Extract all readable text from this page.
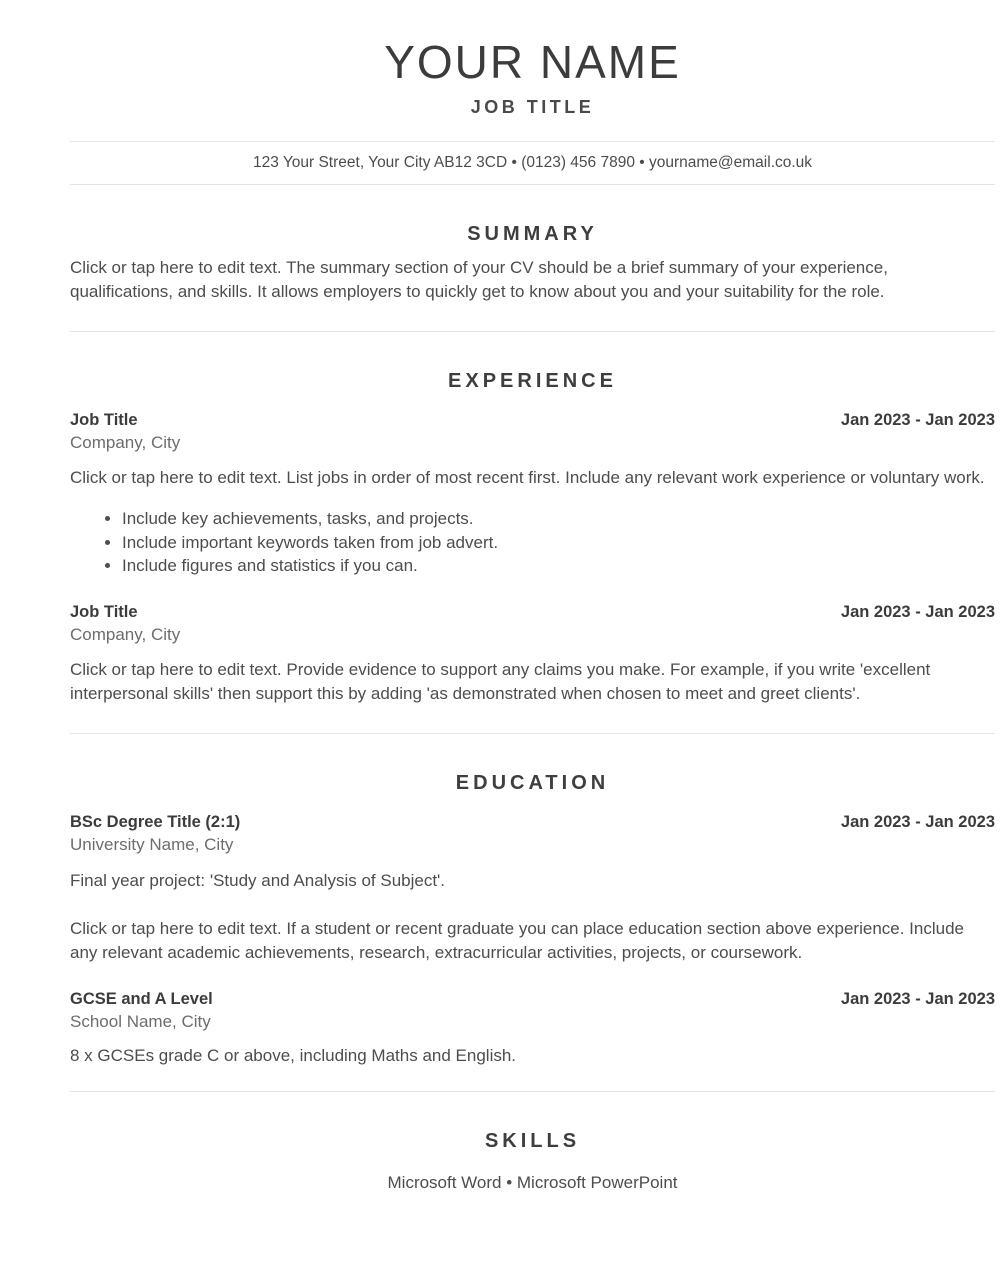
YOUR NAME
JOB TITLE
123 Your Street, Your City AB12 3CD • (0123) 456 7890 • yourname@email.co.uk
SUMMARY

Click or tap here to edit text. The summary section of your CV should be a brief summary of your experience, qualifications, and skills. It allows employers to quickly get to know about you and your suitability for the role.

EXPERIENCE
Job Title	Jan 2023 - Jan 2023
Company, City

Click or tap here to edit text. List jobs in order of most recent first. Include any relevant work experience or voluntary work.

• Include key achievements, tasks, and projects.
• Include important keywords taken from job advert.
• Include figures and statistics if you can.
Job Title	Jan 2023 - Jan 2023
Company, City

Click or tap here to edit text. Provide evidence to support any claims you make. For example, if you write 'excellent interpersonal skills' then support this by adding 'as demonstrated when chosen to meet and greet clients'.

EDUCATION
BSc Degree Title (2:1)	Jan 2023 - Jan 2023
University Name, City

Final year project: 'Study and Analysis of Subject'.

Click or tap here to edit text. If a student or recent graduate you can place education section above experience. Include any relevant academic achievements, research, extracurricular activities, projects, or coursework.

GCSE and A Level	Jan 2023 - Jan 2023
School Name, City

8 x GCSEs grade C or above, including Maths and English.

SKILLS

Microsoft Word • Microsoft PowerPoint
